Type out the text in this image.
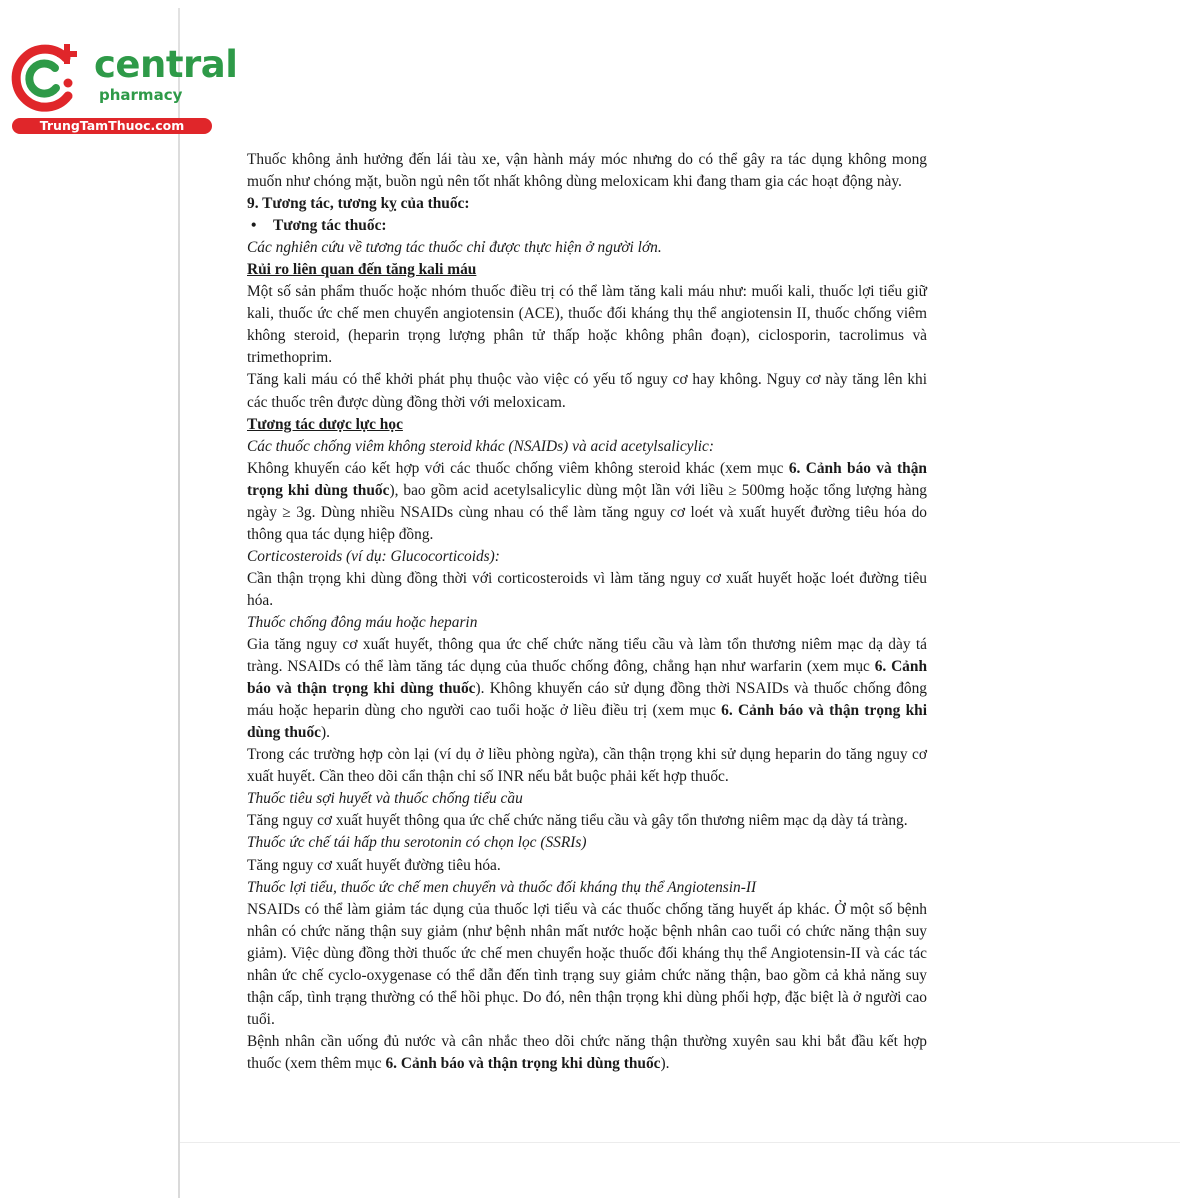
central
pharmacy
TrungTamThuoc.com

Thuốc không ảnh hưởng đến lái tàu xe, vận hành máy móc nhưng do có thể gây ra tác dụng không mong muốn như chóng mặt, buồn ngủ nên tốt nhất không dùng meloxicam khi đang tham gia các hoạt động này.

9. Tương tác, tương kỵ của thuốc:

• Tương tác thuốc:

Các nghiên cứu về tương tác thuốc chỉ được thực hiện ở người lớn.

Rủi ro liên quan đến tăng kali máu

Một số sản phẩm thuốc hoặc nhóm thuốc điều trị có thể làm tăng kali máu như: muối kali, thuốc lợi tiểu giữ kali, thuốc ức chế men chuyển angiotensin (ACE), thuốc đối kháng thụ thể angiotensin II, thuốc chống viêm không steroid, (heparin trọng lượng phân tử thấp hoặc không phân đoạn), ciclosporin, tacrolimus và trimethoprim.

Tăng kali máu có thể khởi phát phụ thuộc vào việc có yếu tố nguy cơ hay không. Nguy cơ này tăng lên khi các thuốc trên được dùng đồng thời với meloxicam.

Tương tác dược lực học

Các thuốc chống viêm không steroid khác (NSAIDs) và acid acetylsalicylic:

Không khuyến cáo kết hợp với các thuốc chống viêm không steroid khác (xem mục 6. Cảnh báo và thận trọng khi dùng thuốc), bao gồm acid acetylsalicylic dùng một lần với liều ≥ 500mg hoặc tổng lượng hàng ngày ≥ 3g. Dùng nhiều NSAIDs cùng nhau có thể làm tăng nguy cơ loét và xuất huyết đường tiêu hóa do thông qua tác dụng hiệp đồng.

Corticosteroids (ví dụ: Glucocorticoids):

Cần thận trọng khi dùng đồng thời với corticosteroids vì làm tăng nguy cơ xuất huyết hoặc loét đường tiêu hóa.

Thuốc chống đông máu hoặc heparin

Gia tăng nguy cơ xuất huyết, thông qua ức chế chức năng tiểu cầu và làm tổn thương niêm mạc dạ dày tá tràng. NSAIDs có thể làm tăng tác dụng của thuốc chống đông, chẳng hạn như warfarin (xem mục 6. Cảnh báo và thận trọng khi dùng thuốc). Không khuyến cáo sử dụng đồng thời NSAIDs và thuốc chống đông máu hoặc heparin dùng cho người cao tuổi hoặc ở liều điều trị (xem mục 6. Cảnh báo và thận trọng khi dùng thuốc).

Trong các trường hợp còn lại (ví dụ ở liều phòng ngừa), cần thận trọng khi sử dụng heparin do tăng nguy cơ xuất huyết. Cần theo dõi cẩn thận chỉ số INR nếu bắt buộc phải kết hợp thuốc.

Thuốc tiêu sợi huyết và thuốc chống tiểu cầu

Tăng nguy cơ xuất huyết thông qua ức chế chức năng tiểu cầu và gây tổn thương niêm mạc dạ dày tá tràng.

Thuốc ức chế tái hấp thu serotonin có chọn lọc (SSRIs)

Tăng nguy cơ xuất huyết đường tiêu hóa.

Thuốc lợi tiểu, thuốc ức chế men chuyển và thuốc đối kháng thụ thể Angiotensin-II

NSAIDs có thể làm giảm tác dụng của thuốc lợi tiểu và các thuốc chống tăng huyết áp khác. Ở một số bệnh nhân có chức năng thận suy giảm (như bệnh nhân mất nước hoặc bệnh nhân cao tuổi có chức năng thận suy giảm). Việc dùng đồng thời thuốc ức chế men chuyển hoặc thuốc đối kháng thụ thể Angiotensin-II và các tác nhân ức chế cyclo-oxygenase có thể dẫn đến tình trạng suy giảm chức năng thận, bao gồm cả khả năng suy thận cấp, tình trạng thường có thể hồi phục. Do đó, nên thận trọng khi dùng phối hợp, đặc biệt là ở người cao tuổi.

Bệnh nhân cần uống đủ nước và cân nhắc theo dõi chức năng thận thường xuyên sau khi bắt đầu kết hợp thuốc (xem thêm mục 6. Cảnh báo và thận trọng khi dùng thuốc).
